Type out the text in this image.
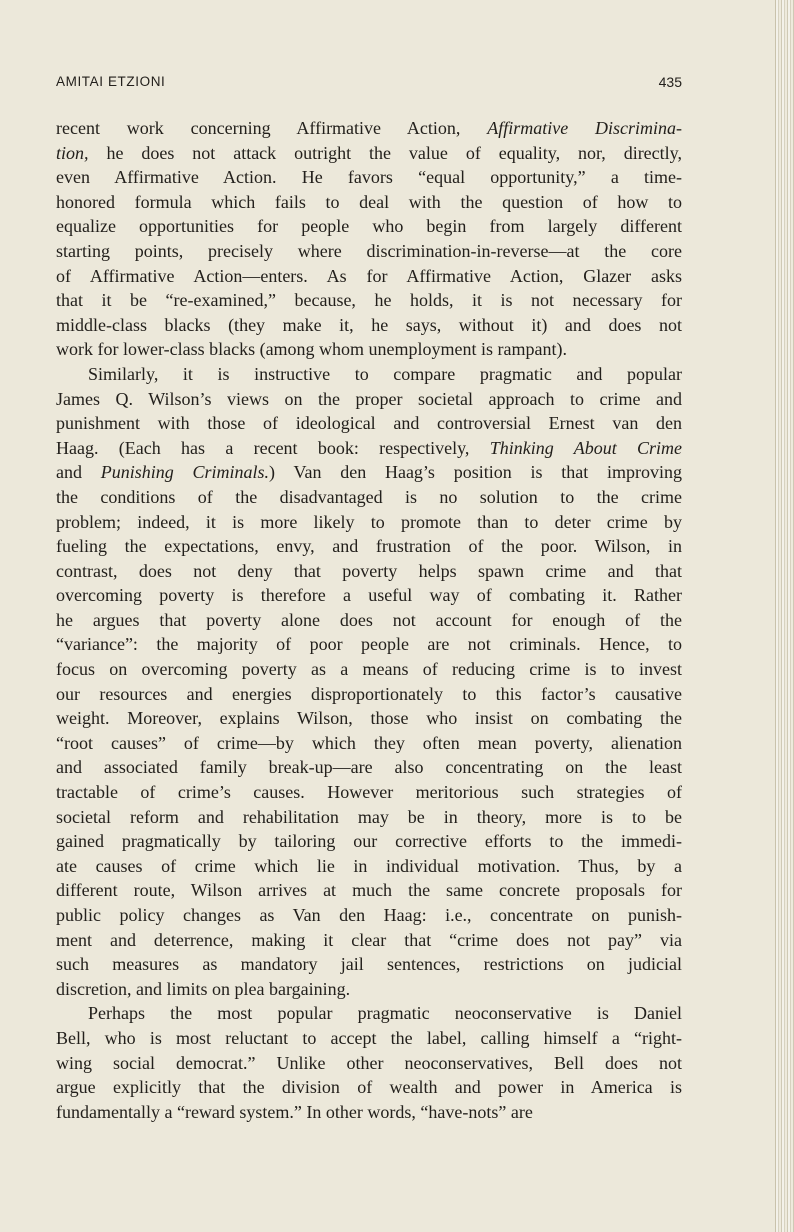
AMITAI ETZIONI	435
recent work concerning Affirmative Action, Affirmative Discrimina-
tion, he does not attack outright the value of equality, nor, directly,
even Affirmative Action. He favors “equal opportunity,” a time-
honored formula which fails to deal with the question of how to
equalize opportunities for people who begin from largely different
starting points, precisely where discrimination-in-reverse—at the core
of Affirmative Action—enters. As for Affirmative Action, Glazer asks
that it be “re-examined,” because, he holds, it is not necessary for
middle-class blacks (they make it, he says, without it) and does not
work for lower-class blacks (among whom unemployment is rampant).
Similarly, it is instructive to compare pragmatic and popular
James Q. Wilson’s views on the proper societal approach to crime and
punishment with those of ideological and controversial Ernest van den
Haag. (Each has a recent book: respectively, Thinking About Crime
and Punishing Criminals.) Van den Haag’s position is that improving
the conditions of the disadvantaged is no solution to the crime
problem; indeed, it is more likely to promote than to deter crime by
fueling the expectations, envy, and frustration of the poor. Wilson, in
contrast, does not deny that poverty helps spawn crime and that
overcoming poverty is therefore a useful way of combating it. Rather
he argues that poverty alone does not account for enough of the
“variance”: the majority of poor people are not criminals. Hence, to
focus on overcoming poverty as a means of reducing crime is to invest
our resources and energies disproportionately to this factor’s causative
weight. Moreover, explains Wilson, those who insist on combating the
“root causes” of crime—by which they often mean poverty, alienation
and associated family break-up—are also concentrating on the least
tractable of crime’s causes. However meritorious such strategies of
societal reform and rehabilitation may be in theory, more is to be
gained pragmatically by tailoring our corrective efforts to the immedi-
ate causes of crime which lie in individual motivation. Thus, by a
different route, Wilson arrives at much the same concrete proposals for
public policy changes as Van den Haag: i.e., concentrate on punish-
ment and deterrence, making it clear that “crime does not pay” via
such measures as mandatory jail sentences, restrictions on judicial
discretion, and limits on plea bargaining.
Perhaps the most popular pragmatic neoconservative is Daniel
Bell, who is most reluctant to accept the label, calling himself a “right-
wing social democrat.” Unlike other neoconservatives, Bell does not
argue explicitly that the division of wealth and power in America is
fundamentally a “reward system.” In other words, “have-nots” are
